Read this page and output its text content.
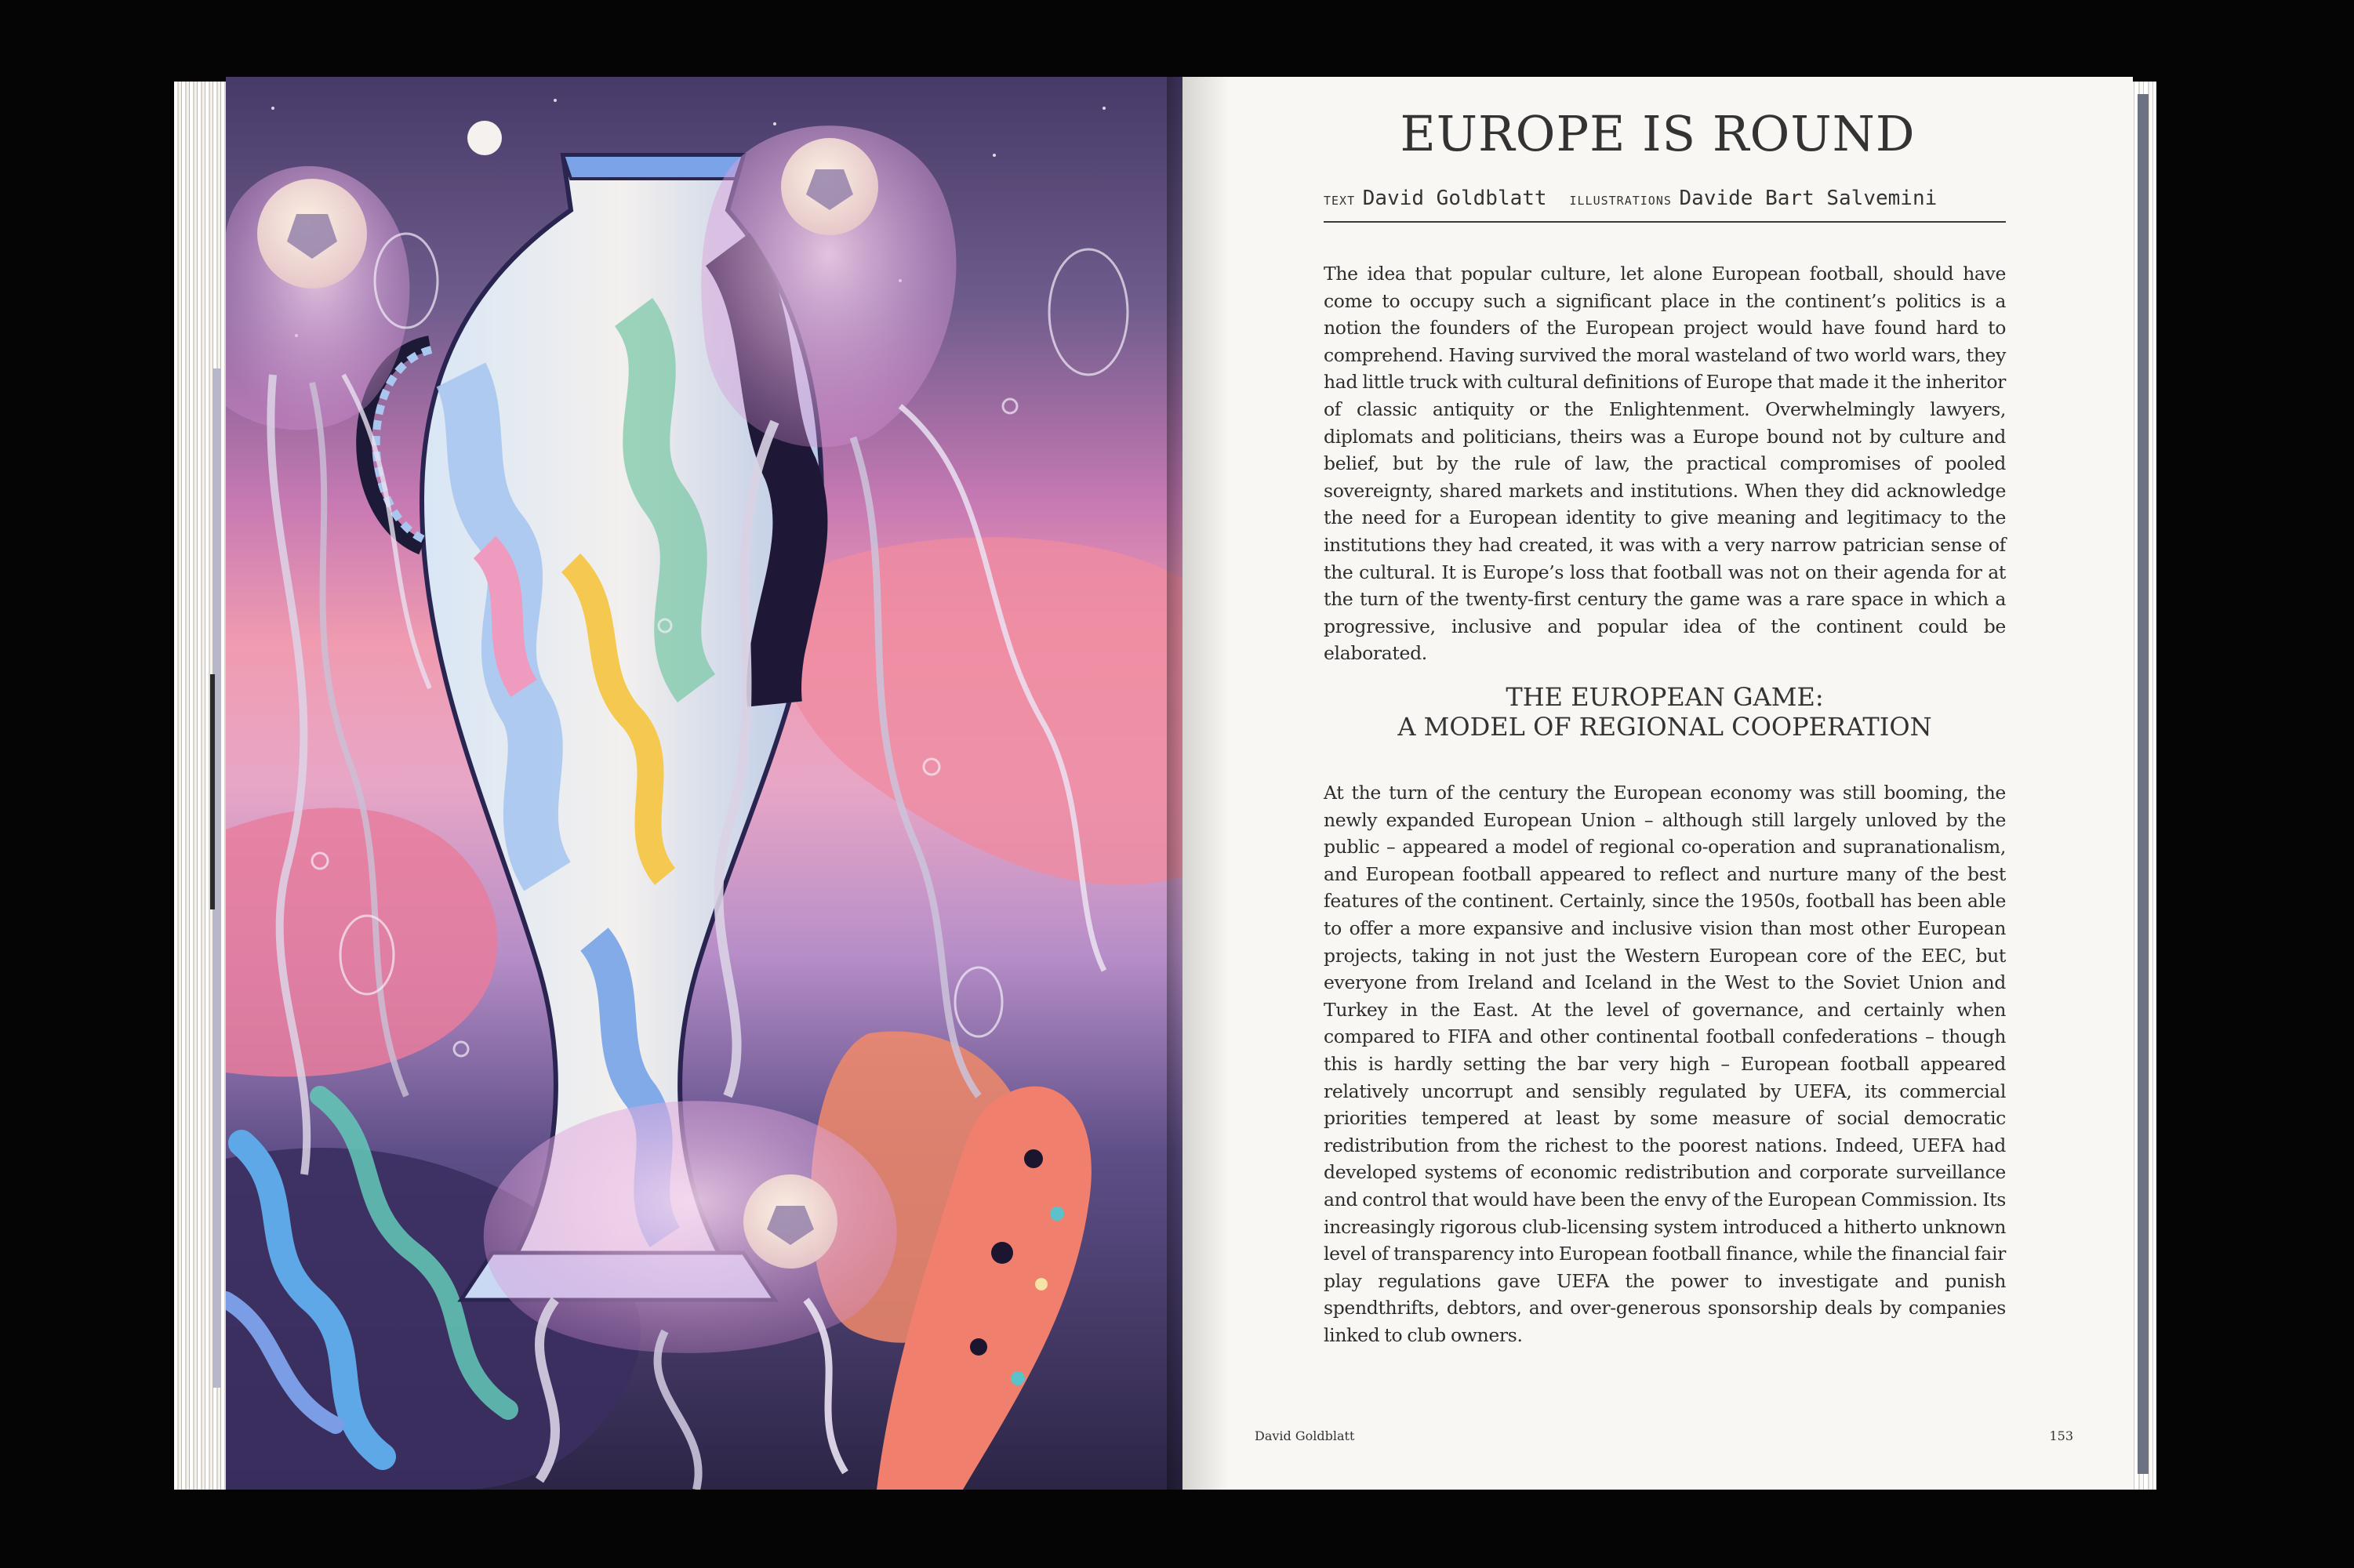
EUROPE IS ROUND
TEXT David Goldblatt ILLUSTRATIONS Davide Bart Salvemini

The idea that popular culture, let alone European football, should have come to occupy such a significant place in the continent’s politics is a notion the founders of the European project would have found hard to comprehend. Having survived the moral wasteland of two world wars, they had little truck with cultural definitions of Europe that made it the inheritor of classic antiquity or the Enlightenment. Overwhelmingly lawyers, diplomats and politicians, theirs was a Europe bound not by culture and belief, but by the rule of law, the practical compromises of pooled sovereignty, shared markets and institutions. When they did acknowledge the need for a European identity to give meaning and legitimacy to the institutions they had created, it was with a very narrow patrician sense of the cultural. It is Europe’s loss that football was not on their agenda for at the turn of the twenty-first century the game was a rare space in which a progressive, inclusive and popular idea of the continent could be elaborated.

THE EUROPEAN GAME:
A MODEL OF REGIONAL COOPERATION

At the turn of the century the European economy was still booming, the newly expanded European Union – although still largely unloved by the public – appeared a model of regional co-operation and supranationalism, and European football appeared to reflect and nurture many of the best features of the continent. Certainly, since the 1950s, football has been able to offer a more expansive and inclusive vision than most other European projects, taking in not just the Western European core of the EEC, but everyone from Ireland and Iceland in the West to the Soviet Union and Turkey in the East. At the level of governance, and certainly when compared to FIFA and other continental football confederations – though this is hardly setting the bar very high – European football appeared relatively uncorrupt and sensibly regulated by UEFA, its commercial priorities tempered at least by some measure of social democratic redistribution from the richest to the poorest nations. Indeed, UEFA had developed systems of economic redistribution and corporate surveillance and control that would have been the envy of the European Commission. Its increasingly rigorous club-licensing system introduced a hitherto unknown level of transparency into European football finance, while the financial fair play regulations gave UEFA the power to investigate and punish spendthrifts, debtors, and over-generous sponsorship deals by companies linked to club owners.

David Goldblatt	153
